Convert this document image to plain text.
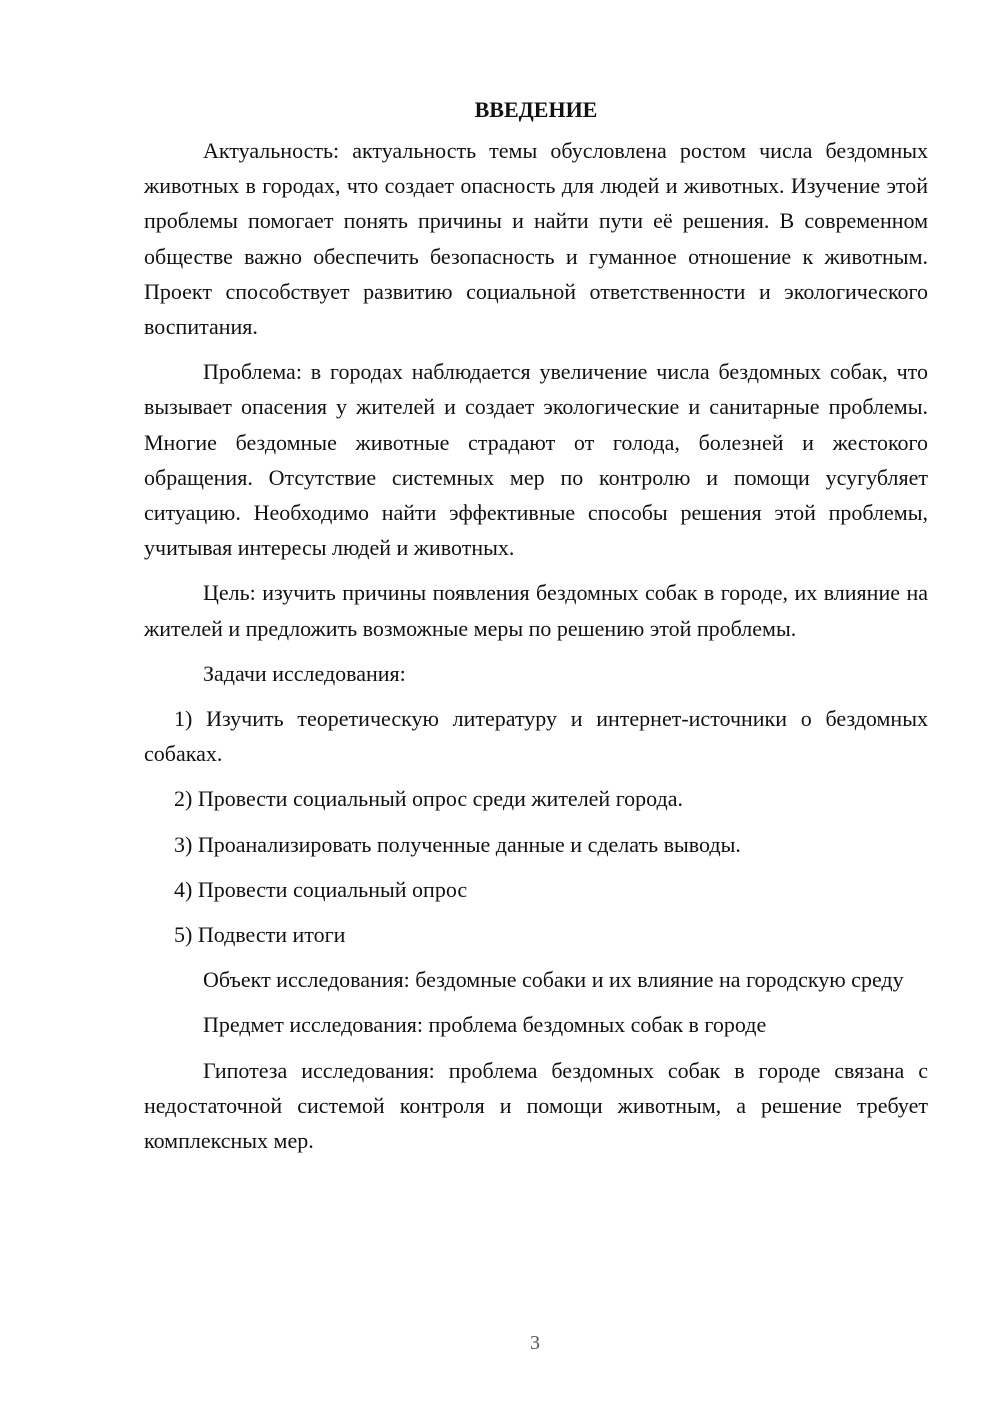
ВВЕДЕНИЕ

Актуальность: актуальность темы обусловлена ростом числа бездомных животных в городах, что создает опасность для людей и животных. Изучение этой проблемы помогает понять причины и найти пути её решения. В современном обществе важно обеспечить безопасность и гуманное отношение к животным. Проект способствует развитию социальной ответственности и экологического воспитания.

Проблема: в городах наблюдается увеличение числа бездомных собак, что вызывает опасения у жителей и создает экологические и санитарные проблемы. Многие бездомные животные страдают от голода, болезней и жестокого обращения. Отсутствие системных мер по контролю и помощи усугубляет ситуацию. Необходимо найти эффективные способы решения этой проблемы, учитывая интересы людей и животных.

Цель: изучить причины появления бездомных собак в городе, их влияние на жителей и предложить возможные меры по решению этой проблемы.

Задачи исследования:

1) Изучить теоретическую литературу и интернет-источники о бездомных собаках.

2) Провести социальный опрос среди жителей города.

3) Проанализировать полученные данные и сделать выводы.

4) Провести социальный опрос

5) Подвести итоги

Объект исследования: бездомные собаки и их влияние на городскую среду

Предмет исследования: проблема бездомных собак в городе

Гипотеза исследования: проблема бездомных собак в городе связана с недостаточной системой контроля и помощи животным, а решение требует комплексных мер.

3
